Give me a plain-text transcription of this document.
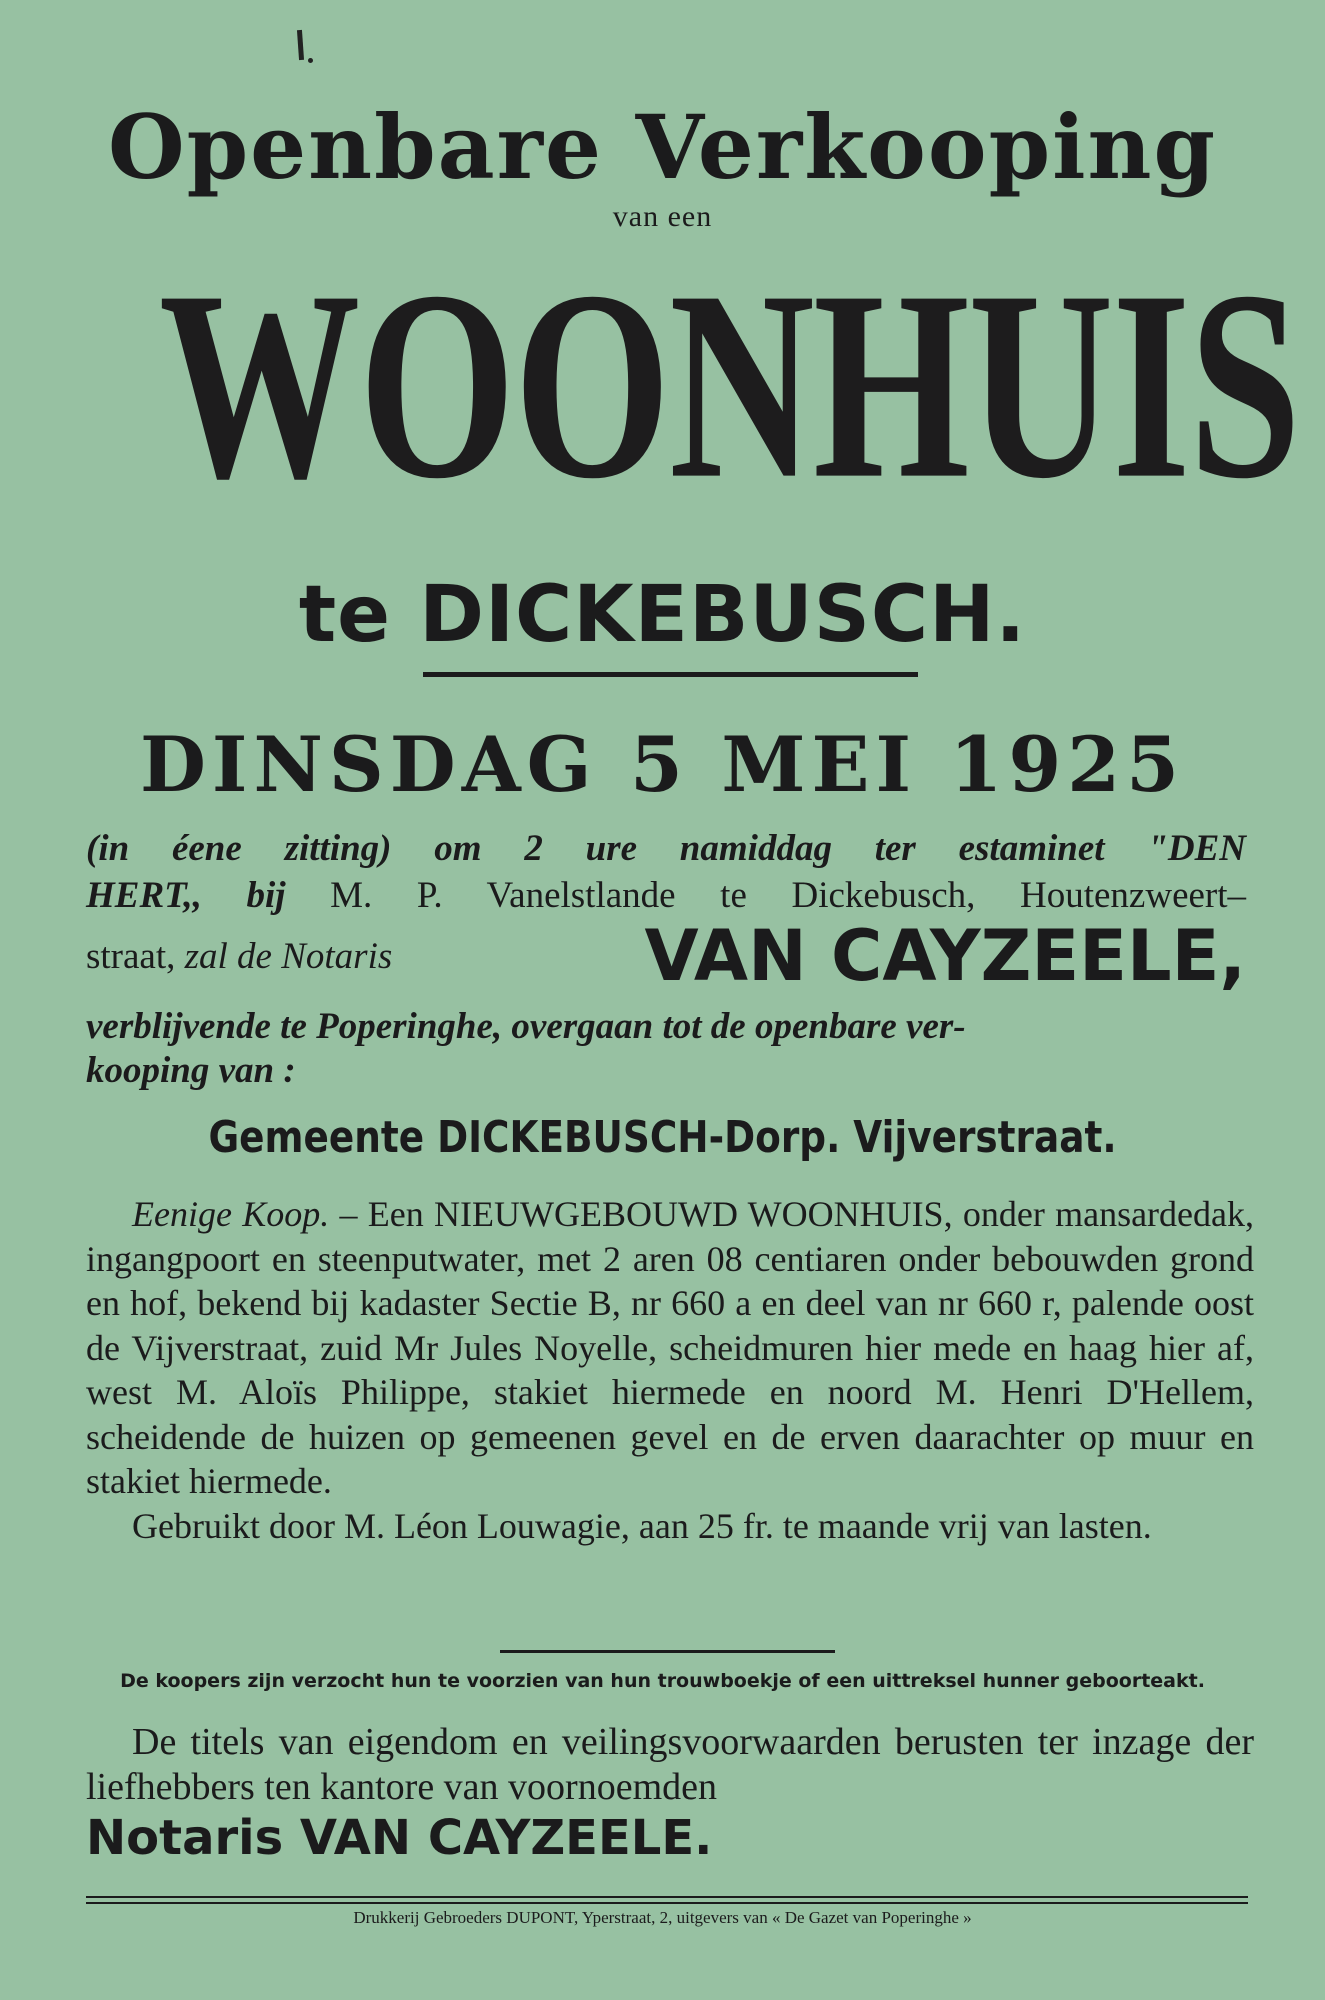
Openbare Verkooping
van een
WOONHUIS
te DICKEBUSCH.
DINSDAG 5 MEI 1925
(in éene zitting) om 2 ure namiddag ter estaminet "DEN
HERT,, bij M. P. Vanelstlande te Dickebusch, Houtenzweert–
straat, zal de Notaris	VAN CAYZEELE,
verblijvende te Poperinghe, overgaan tot de openbare ver-
kooping van :
Gemeente DICKEBUSCH-Dorp. Vijverstraat.
Eenige Koop. – Een NIEUWGEBOUWD WOONHUIS, onder mansardedak, ingangpoort en steenputwater, met 2 aren 08 centiaren onder bebouwden grond en hof, bekend bij kadaster Sectie B, nr 660 a en deel van nr 660 r, palende oost de Vijverstraat, zuid Mr Jules Noyelle, scheidmuren hier mede en haag hier af, west M. Aloïs Philippe, stakiet hiermede en noord M. Henri D'Hellem, scheidende de huizen op gemeenen gevel en de erven daarachter op muur en stakiet hiermede.
Gebruikt door M. Léon Louwagie, aan 25 fr. te maande vrij van lasten.
De koopers zijn verzocht hun te voorzien van hun trouwboekje of een uittreksel hunner geboorteakt.
De titels van eigendom en veilingsvoorwaarden berusten ter inzage der liefhebbers ten kantore van voornoemden
Notaris VAN CAYZEELE.
Drukkerij Gebroeders DUPONT, Yperstraat, 2, uitgevers van « De Gazet van Poperinghe »
